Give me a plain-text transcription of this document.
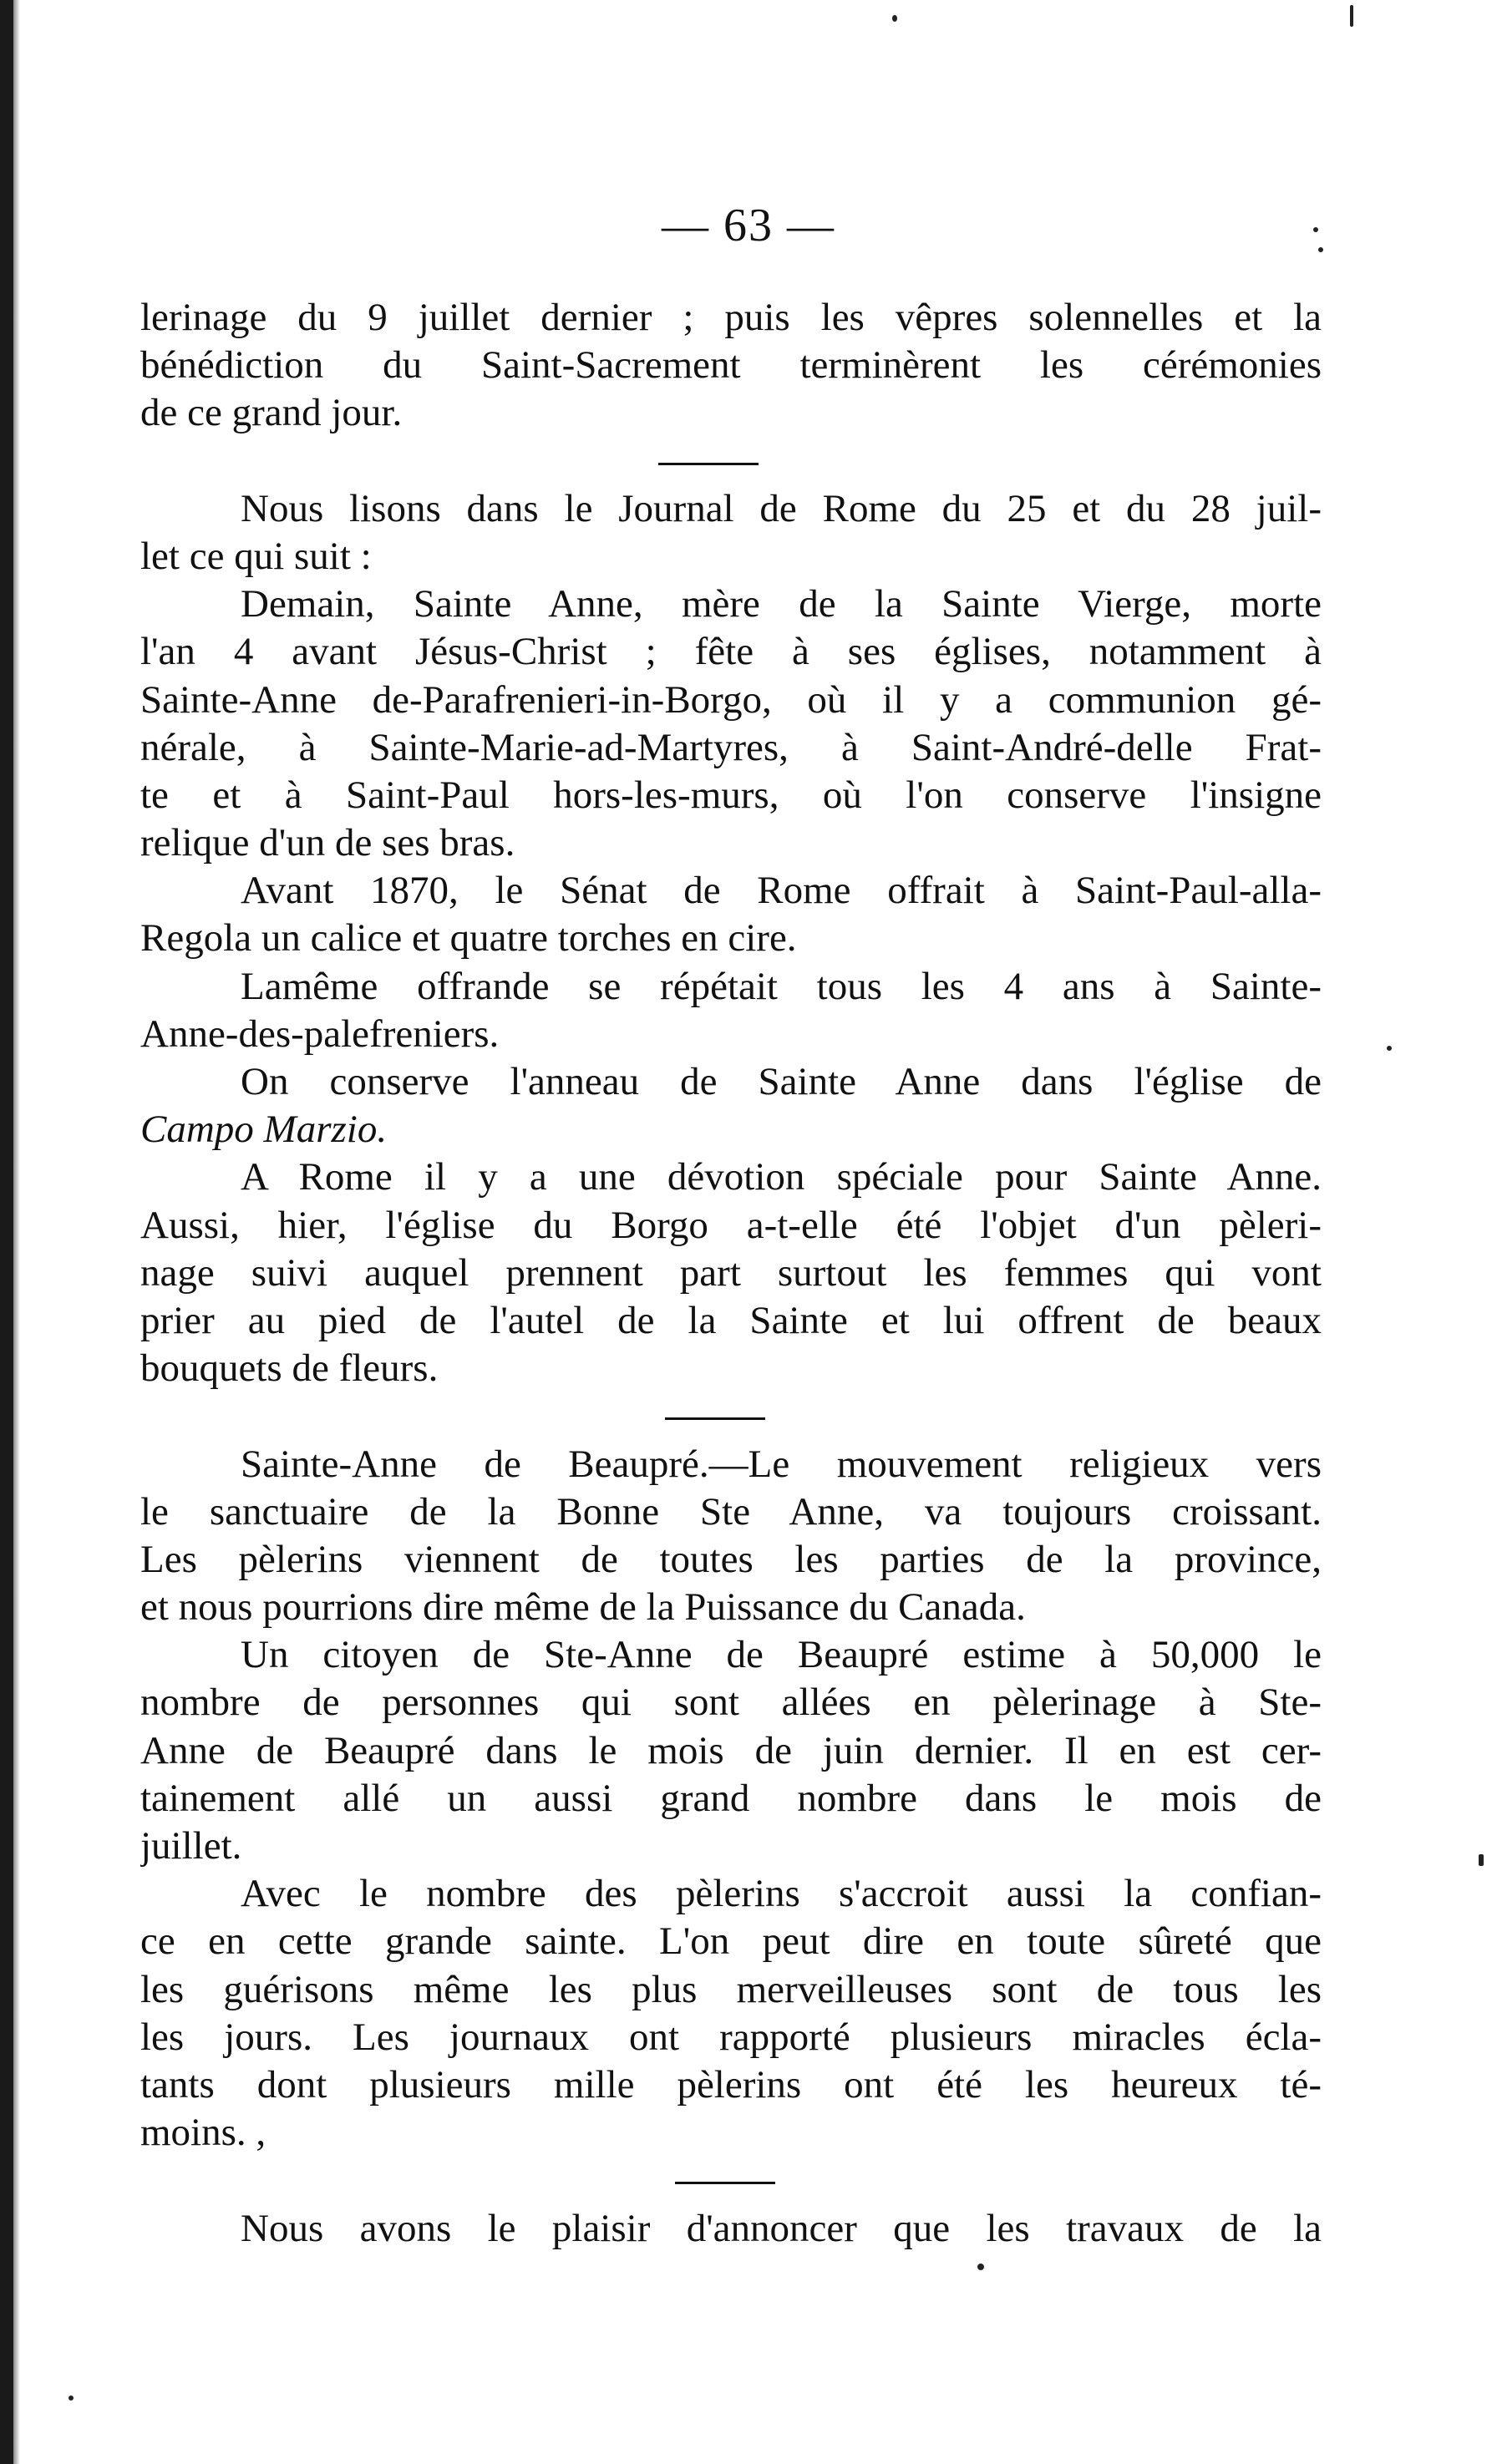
— 63 —
lerinage du 9 juillet dernier ; puis les vêpres solennelles et la
bénédiction du Saint-Sacrement terminèrent les cérémonies
de ce grand jour.
Nous lisons dans le Journal de Rome du 25 et du 28 juil-
let ce qui suit :
Demain, Sainte Anne, mère de la Sainte Vierge, morte
l'an 4 avant Jésus-Christ ; fête à ses églises, notamment à
Sainte-Anne de-Parafrenieri-in-Borgo, où il y a communion gé-
nérale, à Sainte-Marie-ad-Martyres, à Saint-André-delle Frat-
te et à Saint-Paul hors-les-murs, où l'on conserve l'insigne
relique d'un de ses bras.
Avant 1870, le Sénat de Rome offrait à Saint-Paul-alla-
Regola un calice et quatre torches en cire.
Lamême offrande se répétait tous les 4 ans à Sainte-
Anne-des-palefreniers.
On conserve l'anneau de Sainte Anne dans l'église de
Campo Marzio.
A Rome il y a une dévotion spéciale pour Sainte Anne.
Aussi, hier, l'église du Borgo a-t-elle été l'objet d'un pèleri-
nage suivi auquel prennent part surtout les femmes qui vont
prier au pied de l'autel de la Sainte et lui offrent de beaux
bouquets de fleurs.
Sainte-Anne de Beaupré.—Le mouvement religieux vers
le sanctuaire de la Bonne Ste Anne, va toujours croissant.
Les pèlerins viennent de toutes les parties de la province,
et nous pourrions dire même de la Puissance du Canada.
Un citoyen de Ste-Anne de Beaupré estime à 50,000 le
nombre de personnes qui sont allées en pèlerinage à Ste-
Anne de Beaupré dans le mois de juin dernier. Il en est cer-
tainement allé un aussi grand nombre dans le mois de
juillet.
Avec le nombre des pèlerins s'accroit aussi la confian-
ce en cette grande sainte. L'on peut dire en toute sûreté que
les guérisons même les plus merveilleuses sont de tous les
les jours. Les journaux ont rapporté plusieurs miracles écla-
tants dont plusieurs mille pèlerins ont été les heureux té-
moins. ,
Nous avons le plaisir d'annoncer que les travaux de la
